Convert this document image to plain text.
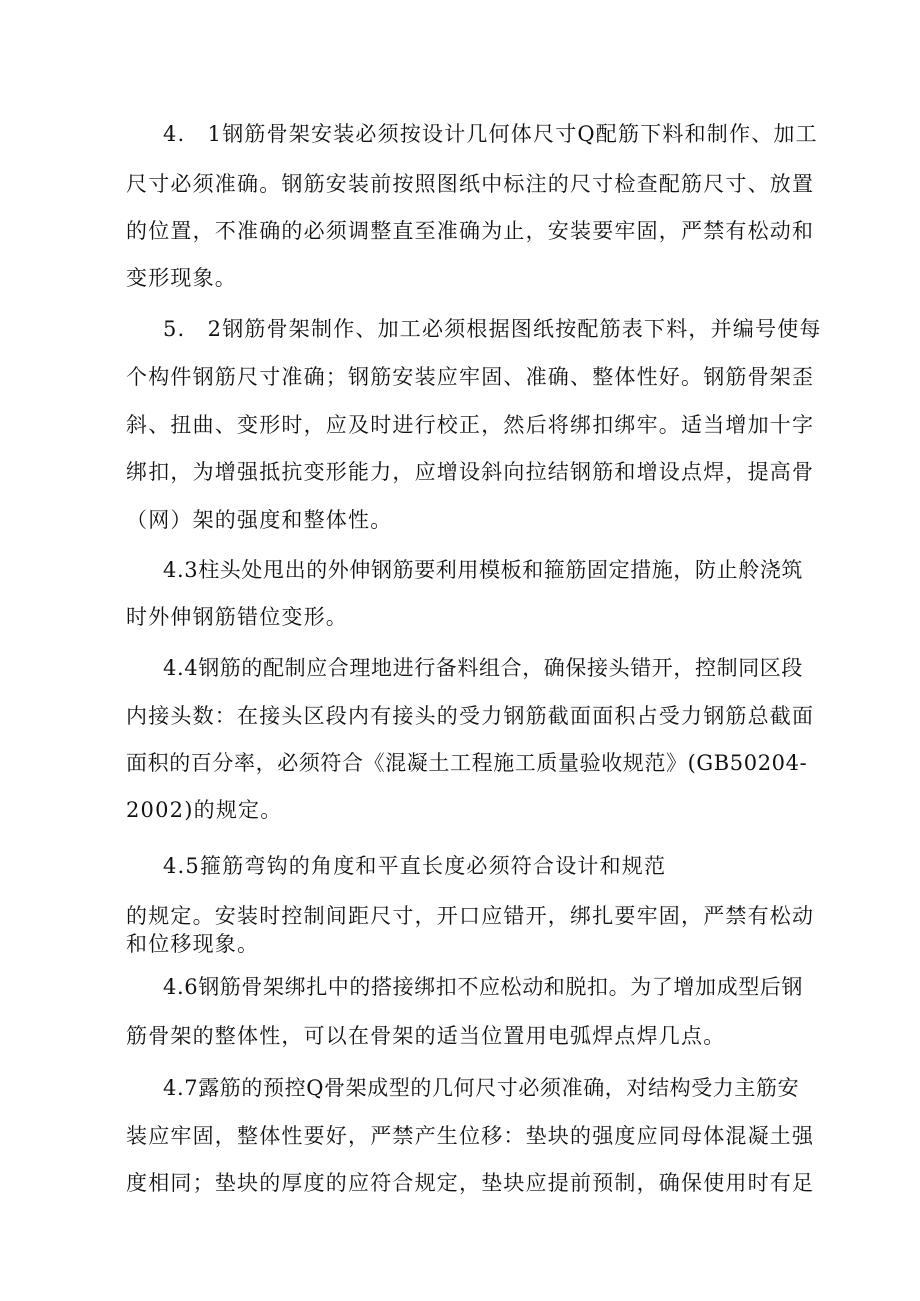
4.　1钢筋骨架安装必须按设计几何体尺寸Q配筋下料和制作、加工
尺寸必须准确。钢筋安装前按照图纸中标注的尺寸检查配筋尺寸、放置
的位置，不准确的必须调整直至准确为止，安装要牢固，严禁有松动和
变形现象。
5.　2钢筋骨架制作、加工必须根据图纸按配筋表下料，并编号使每
个构件钢筋尺寸准确；钢筋安装应牢固、准确、整体性好。钢筋骨架歪
斜、扭曲、变形时，应及时进行校正，然后将绑扣绑牢。适当增加十字
绑扣，为增强抵抗变形能力，应增设斜向拉结钢筋和增设点焊，提高骨
（网）架的强度和整体性。
4.3柱头处甩出的外伸钢筋要利用模板和箍筋固定措施，防止舲浇筑
时外伸钢筋错位变形。
4.4钢筋的配制应合理地进行备料组合，确保接头错开，控制同区段
内接头数：在接头区段内有接头的受力钢筋截面面积占受力钢筋总截面
面积的百分率，必须符合《混凝土工程施工质量验收规范》(GB50204-
2002)的规定。
4.5箍筋弯钩的角度和平直长度必须符合设计和规范
的规定。安装时控制间距尺寸，开口应错开，绑扎要牢固，严禁有松动
和位移现象。
4.6钢筋骨架绑扎中的搭接绑扣不应松动和脱扣。为了增加成型后钢
筋骨架的整体性，可以在骨架的适当位置用电弧焊点焊几点。
4.7露筋的预控Q骨架成型的几何尺寸必须准确，对结构受力主筋安
装应牢固，整体性要好，严禁产生位移：垫块的强度应同母体混凝土强
度相同；垫块的厚度的应符合规定，垫块应提前预制，确保使用时有足
